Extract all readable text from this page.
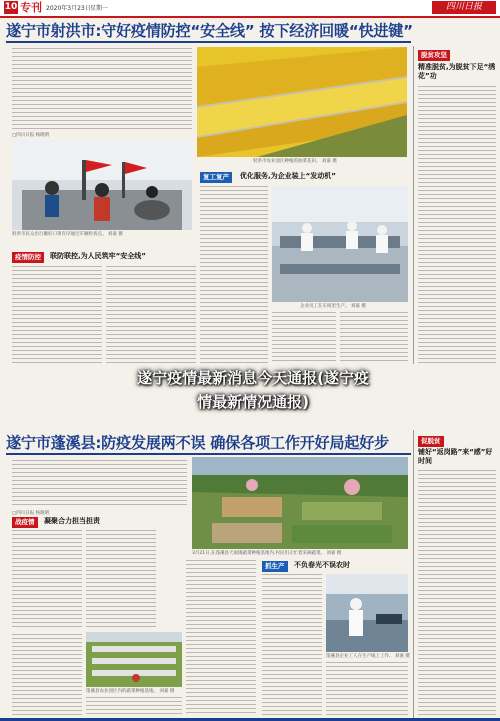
10 专刊 2020年3月23日 星期一	四川日报
遂宁市射洪市:守好疫情防控“安全线” 按下经济回暖“快进键”
□四川日报 杨晓明
射洪市农业园区种植的油菜花田。 刘嘉 摄
脱贫攻坚
精准脱贫,为脱贫下足“绣花”功
射洪市民众出行戴好口罩有序通过车辆检查点。 刘嘉 摄
疫情防控	联防联控,为人民筑牢“安全线”
复工复产	优化服务,为企业装上“发动机”
企业员工在车间里生产。 刘嘉 摄
遂宁疫情最新消息今天通报(遂宁疫
情最新情况通报)
遂宁市蓬溪县:防疫发展两不误 确保各项工作开好局起好步
□四川日报 杨晓明
3月21日,在蓬溪县天福镇蔬菜种植基地内,村民们正忙着采摘蔬菜。 刘嘉 摄
促脱贫
铺好“返岗路”来“感”好时间
战疫情	凝聚合力担当担责
蓬溪县农业园区内的蔬菜种植基地。 刘嘉 摄
抓生产	不负春光不误农时
蓬溪县企业工人在生产线上工作。 刘嘉 摄
